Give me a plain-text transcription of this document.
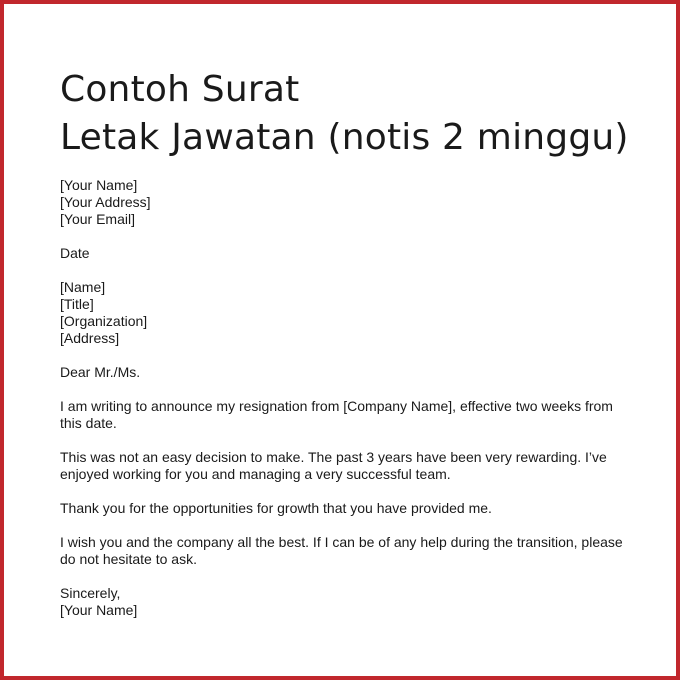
Contoh Surat
Letak Jawatan (notis 2 minggu)
[Your Name]
[Your Address]
[Your Email]
Date
[Name]
[Title]
[Organization]
[Address]
Dear Mr./Ms.
I am writing to announce my resignation from [Company Name], effective two weeks from
this date.
This was not an easy decision to make. The past 3 years have been very rewarding. I’ve
enjoyed working for you and managing a very successful team.
Thank you for the opportunities for growth that you have provided me.
I wish you and the company all the best. If I can be of any help during the transition, please
do not hesitate to ask.
Sincerely,
[Your Name]
